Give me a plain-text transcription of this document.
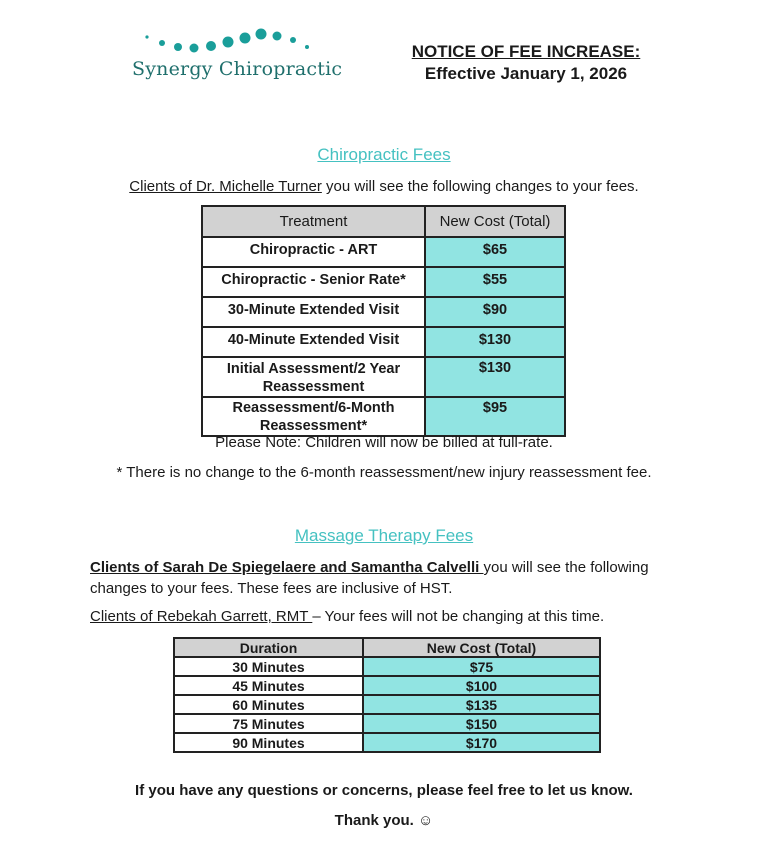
Synergy Chiropractic
NOTICE OF FEE INCREASE:
Effective January 1, 2026
Chiropractic Fees
Clients of Dr. Michelle Turner you will see the following changes to your fees.
Treatment	New Cost (Total)
Chiropractic - ART	$65
Chiropractic - Senior Rate*	$55
30-Minute Extended Visit	$90
40-Minute Extended Visit	$130
Initial Assessment/2 Year Reassessment	$130
Reassessment/6-Month Reassessment*	$95
Please Note: Children will now be billed at full-rate.
* There is no change to the 6-month reassessment/new injury reassessment fee.
Massage Therapy Fees
Clients of Sarah De Spiegelaere and Samantha Calvelli you will see the following changes to your fees. These fees are inclusive of HST.
Clients of Rebekah Garrett, RMT – Your fees will not be changing at this time.
Duration	New Cost (Total)
30 Minutes	$75
45 Minutes	$100
60 Minutes	$135
75 Minutes	$150
90 Minutes	$170
If you have any questions or concerns, please feel free to let us know.
Thank you. ☺
